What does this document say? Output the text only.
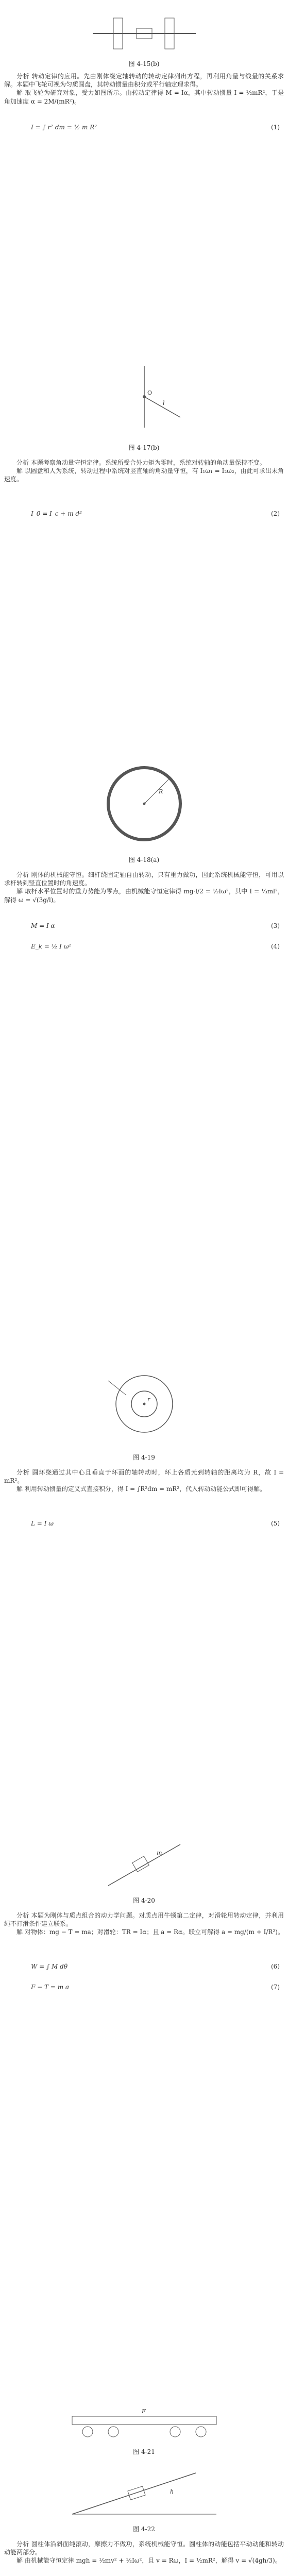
图 4-15(b)

分析 转动定律的应用。先由刚体绕定轴转动的转动定律列出方程，再利用角量与线量的关系求解。本题中飞轮可视为匀质圆盘，其转动惯量由积分或平行轴定理求得。

解 取飞轮为研究对象，受力如图所示。由转动定律得 M = Iα，其中转动惯量 I = ½mR²，于是角加速度 α = 2M/(mR²)。

I = ∫ r² dm = ½ m R²	(1)
O
l
图 4-17(b)

分析 本题考察角动量守恒定律。系统所受合外力矩为零时，系统对转轴的角动量保持不变。

解 以圆盘和人为系统，转动过程中系统对竖直轴的角动量守恒，有 I₁ω₁ = I₂ω₂，由此可求出末角速度。

I_0 = I_c + m d²	(2)
R
图 4-18(a)

分析 刚体的机械能守恒。细杆绕固定轴自由转动，只有重力做功，因此系统机械能守恒，可用以求杆转到竖直位置时的角速度。

解 取杆水平位置时的重力势能为零点，由机械能守恒定律得 mg·l/2 = ½Iω²，其中 I = ⅓ml²，解得 ω = √(3g/l)。

M = I α	(3)
E_k = ½ I ω²	(4)
r
图 4-19

分析 圆环绕通过其中心且垂直于环面的轴转动时，环上各质元到转轴的距离均为 R，故 I = mR²。

解 利用转动惯量的定义式直接积分，得 I = ∫R²dm = mR²，代入转动动能公式即可得解。

L = I ω	(5)
m
图 4-20

分析 本题为刚体与质点组合的动力学问题。对质点用牛顿第二定律，对滑轮用转动定律，并利用绳不打滑条件建立联系。

解 对物体：mg − T = ma；对滑轮：TR = Iα；且 a = Rα。联立可解得 a = mg/(m + I/R²)。

W = ∫ M dθ	(6)
F − T = m a	(7)
F
图 4-21
h
图 4-22

分析 圆柱体沿斜面纯滚动，摩擦力不做功，系统机械能守恒。圆柱体的动能包括平动动能和转动动能两部分。

解 由机械能守恒定律 mgh = ½mv² + ½Iω²，且 v = Rω，I = ½mR²，解得 v = √(4gh/3)。
